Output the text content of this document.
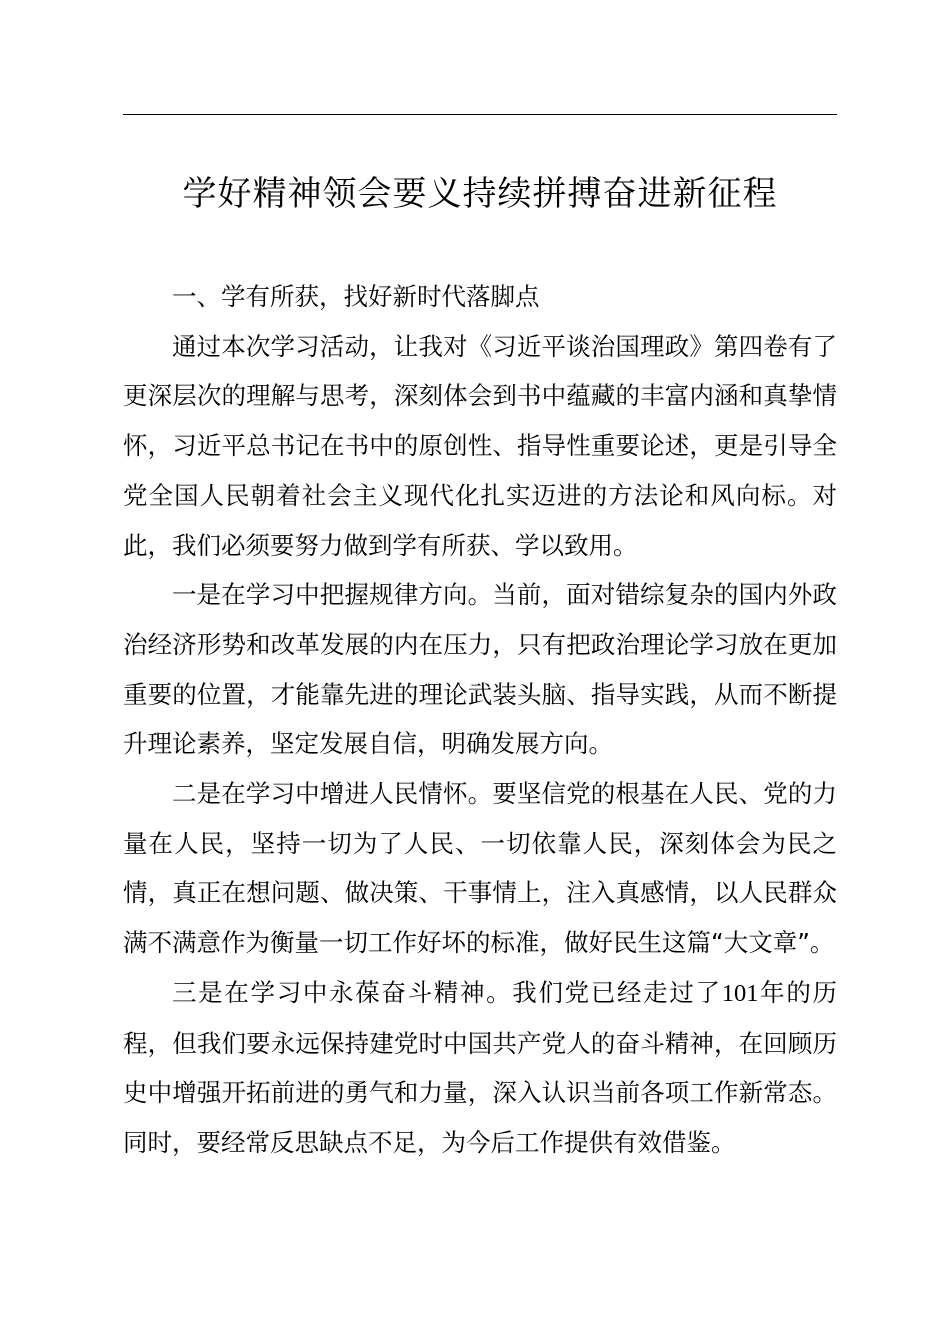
学好精神领会要义持续拼搏奋进新征程

一、学有所获，找好新时代落脚点

通过本次学习活动，让我对《习近平谈治国理政》第四卷有了更深层次的理解与思考，深刻体会到书中蕴藏的丰富内涵和真挚情怀，习近平总书记在书中的原创性、指导性重要论述，更是引导全党全国人民朝着社会主义现代化扎实迈进的方法论和风向标。对此，我们必须要努力做到学有所获、学以致用。

一是在学习中把握规律方向。当前，面对错综复杂的国内外政治经济形势和改革发展的内在压力，只有把政治理论学习放在更加重要的位置，才能靠先进的理论武装头脑、指导实践，从而不断提升理论素养，坚定发展自信，明确发展方向。

二是在学习中增进人民情怀。要坚信党的根基在人民、党的力量在人民，坚持一切为了人民、一切依靠人民，深刻体会为民之情，真正在想问题、做决策、干事情上，注入真感情，以人民群众满不满意作为衡量一切工作好坏的标准，做好民生这篇“大文章”。

三是在学习中永葆奋斗精神。我们党已经走过了101年的历程，但我们要永远保持建党时中国共产党人的奋斗精神，在回顾历史中增强开拓前进的勇气和力量，深入认识当前各项工作新常态。同时，要经常反思缺点不足，为今后工作提供有效借鉴。
